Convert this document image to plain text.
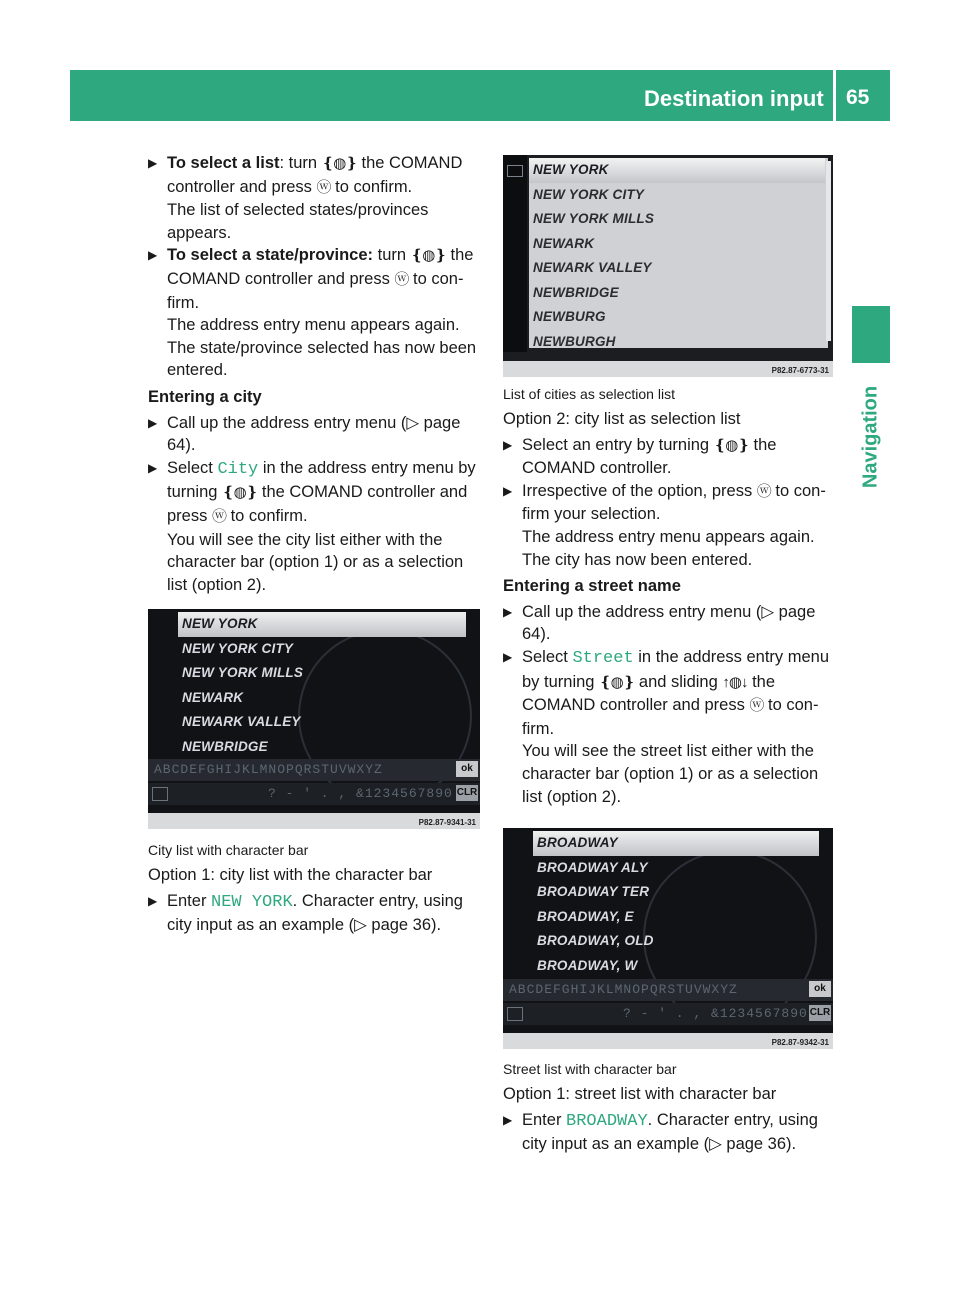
Destination input 65
Navigation
▶ To select a list: turn ❴◍❵ the COMAND controller and press ⓦ to confirm.
The list of selected states/provinces appears.
▶ To select a state/province: turn ❴◍❵ the COMAND controller and press ⓦ to con-firm.
The address entry menu appears again. The state/province selected has now been entered.
Entering a city
▶ Call up the address entry menu (▷ page 64).
▶ Select City in the address entry menu by turning ❴◍❵ the COMAND controller and press ⓦ to confirm.
You will see the city list either with the character bar (option 1) or as a selection list (option 2).
NEW YORK
NEW YORK CITY
NEW YORK MILLS
NEWARK
NEWARK VALLEY
NEWBRIDGE
ABCDEFGHIJKLMNOPQRSTUVWXYZ	ok
? - ' . , &1234567890 CLR
P82.87-9341-31
City list with character bar
Option 1: city list with the character bar
▶ Enter NEW YORK. Character entry, using city input as an example (▷ page 36).
NEW YORK
NEW YORK CITY
NEW YORK MILLS
NEWARK
NEWARK VALLEY
NEWBRIDGE
NEWBURG
NEWBURGH
P82.87-6773-31
List of cities as selection list
Option 2: city list as selection list
▶ Select an entry by turning ❴◍❵ the COMAND controller.
▶ Irrespective of the option, press ⓦ to con-firm your selection.
The address entry menu appears again. The city has now been entered.
Entering a street name
▶ Call up the address entry menu (▷ page 64).
▶ Select Street in the address entry menu by turning ❴◍❵ and sliding ↑◍↓ the COMAND controller and press ⓦ to con-firm.
You will see the street list either with the character bar (option 1) or as a selection list (option 2).
BROADWAY
BROADWAY ALY
BROADWAY TER
BROADWAY, E
BROADWAY, OLD
BROADWAY, W
ABCDEFGHIJKLMNOPQRSTUVWXYZ	ok
? - ' . , &1234567890 CLR
P82.87-9342-31
Street list with character bar
Option 1: street list with character bar
▶ Enter BROADWAY. Character entry, using city input as an example (▷ page 36).
